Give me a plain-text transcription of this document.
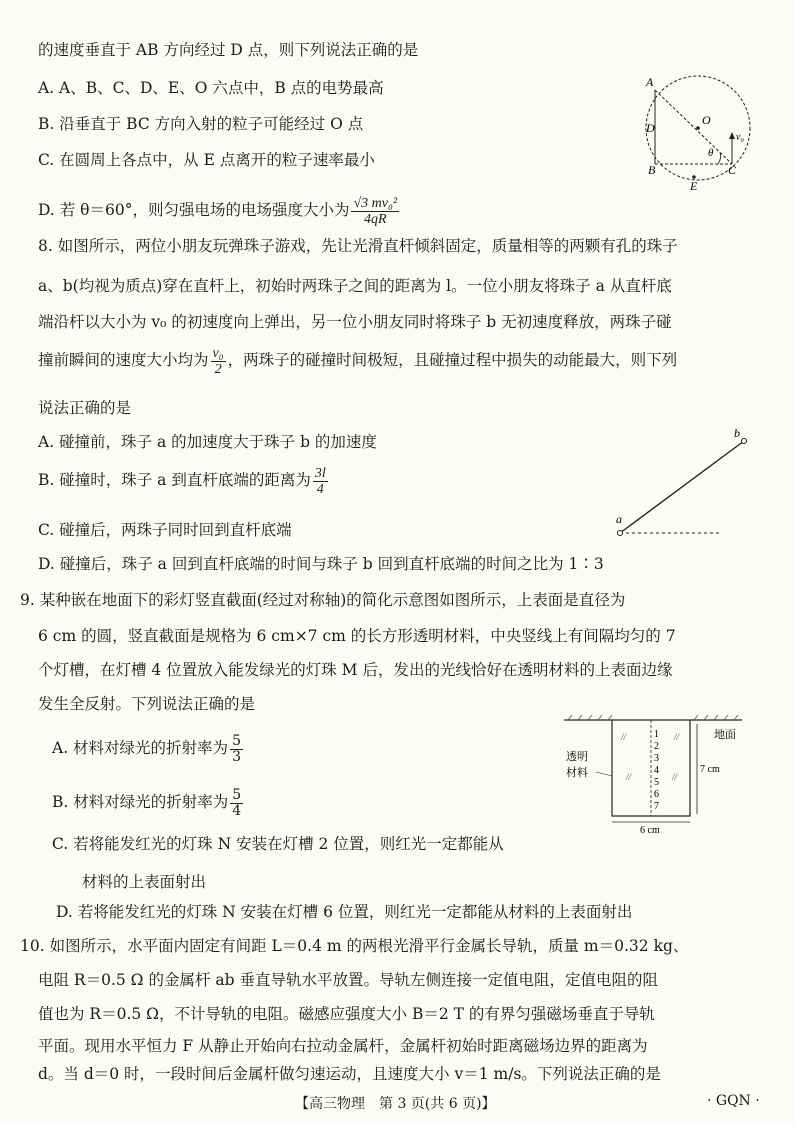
的速度垂直于 AB 方向经过 D 点，则下列说法正确的是
A. A、B、C、D、E、O 六点中，B 点的电势最高
B. 沿垂直于 BC 方向入射的粒子可能经过 O 点
C. 在圆周上各点中，从 E 点离开的粒子速率最小
D. 若 θ＝60°，则匀强电场的电场强度大小为 $\frac{\text{√3 mv₀²}}{4qR}$
A
D
O
v₀
θ
B	C
E
8. 如图所示，两位小朋友玩弹珠子游戏，先让光滑直杆倾斜固定，质量相等的两颗有孔的珠子
a、b(均视为质点)穿在直杆上，初始时两珠子之间的距离为 l。一位小朋友将珠子 a 从直杆底
端沿杆以大小为 v₀ 的初速度向上弹出，另一位小朋友同时将珠子 b 无初速度释放，两珠子碰
撞前瞬间的速度大小均为 $\frac{\text{v₀}}{2}$ ，两珠子的碰撞时间极短，且碰撞过程中损失的动能最大，则下列
说法正确的是
A. 碰撞前，珠子 a 的加速度大于珠子 b 的加速度
B. 碰撞时，珠子 a 到直杆底端的距离为 $\frac{3l}{4}$
C. 碰撞后，两珠子同时回到直杆底端
D. 碰撞后，珠子 a 回到直杆底端的时间与珠子 b 回到直杆底端的时间之比为 1∶3
a
b
9. 某种嵌在地面下的彩灯竖直截面(经过对称轴)的简化示意图如图所示，上表面是直径为
6 cm 的圆，竖直截面是规格为 6 cm×7 cm 的长方形透明材料，中央竖线上有间隔均匀的 7
个灯槽，在灯槽 4 位置放入能发绿光的灯珠 M 后，发出的光线恰好在透明材料的上表面边缘
发生全反射。下列说法正确的是
A. 材料对绿光的折射率为 $\frac{5}{3}$
B. 材料对绿光的折射率为 $\frac{5}{4}$
C. 若将能发红光的灯珠 N 安装在灯槽 2 位置，则红光一定都能从
材料的上表面射出
D. 若将能发红光的灯珠 N 安装在灯槽 6 位置，则红光一定都能从材料的上表面射出
//	//
//	//
1
2
3
4
5
6
7
7 cm
地面
透明
材料
6 cm
10. 如图所示，水平面内固定有间距 L＝0.4 m 的两根光滑平行金属长导轨，质量 m＝0.32 kg、
电阻 R＝0.5 Ω 的金属杆 ab 垂直导轨水平放置。导轨左侧连接一定值电阻，定值电阻的阻
值也为 R＝0.5 Ω，不计导轨的电阻。磁感应强度大小 B＝2 T 的有界匀强磁场垂直于导轨
平面。现用水平恒力 F 从静止开始向右拉动金属杆，金属杆初始时距离磁场边界的距离为
d。当 d＝0 时，一段时间后金属杆做匀速运动，且速度大小 v＝1 m/s。下列说法正确的是
【高三物理　第 3 页(共 6 页)】	· GQN ·
